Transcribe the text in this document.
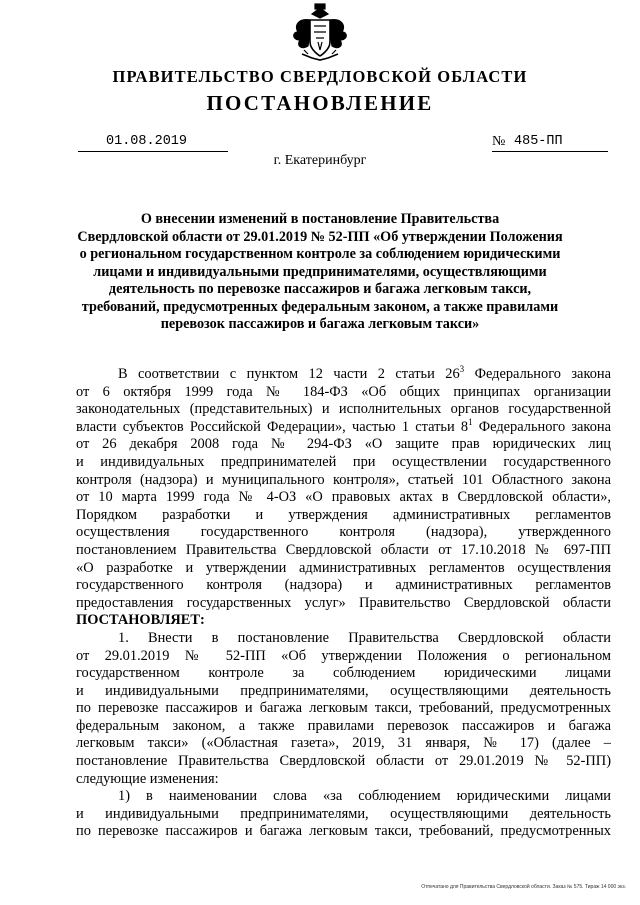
ПРАВИТЕЛЬСТВО СВЕРДЛОВСКОЙ ОБЛАСТИ
ПОСТАНОВЛЕНИЕ
01.08.2019	№ 485-ПП
г. Екатеринбург
О внесении изменений в постановление Правительства
Свердловской области от 29.01.2019 № 52-ПП «Об утверждении Положения
о региональном государственном контроле за соблюдением юридическими
лицами и индивидуальными предпринимателями, осуществляющими
деятельность по перевозке пассажиров и багажа легковым такси,
требований, предусмотренных федеральным законом, а также правилами
перевозок пассажиров и багажа легковым такси»
В соответствии с пунктом 12 части 2 статьи $26^3$ Федерального закона
от 6 октября 1999 года № 184-ФЗ «Об общих принципах организации
законодательных (представительных) и исполнительных органов государственной
власти субъектов Российской Федерации», частью 1 статьи $8^1$ Федерального закона
от 26 декабря 2008 года № 294-ФЗ «О защите прав юридических лиц
и индивидуальных предпринимателей при осуществлении государственного
контроля (надзора) и муниципального контроля», статьей 101 Областного закона
от 10 марта 1999 года № 4-ОЗ «О правовых актах в Свердловской области»,
Порядком разработки и утверждения административных регламентов
осуществления государственного контроля (надзора), утвержденного
постановлением Правительства Свердловской области от 17.10.2018 № 697-ПП
«О разработке и утверждении административных регламентов осуществления
государственного контроля (надзора) и административных регламентов
предоставления государственных услуг» Правительство Свердловской области
ПОСТАНОВЛЯЕТ:
1. Внести в постановление Правительства Свердловской области
от 29.01.2019 № 52-ПП «Об утверждении Положения о региональном
государственном контроле за соблюдением юридическими лицами
и индивидуальными предпринимателями, осуществляющими деятельность
по перевозке пассажиров и багажа легковым такси, требований, предусмотренных
федеральным законом, а также правилами перевозок пассажиров и багажа
легковым такси» («Областная газета», 2019, 31 января, № 17) (далее –
постановление Правительства Свердловской области от 29.01.2019 № 52-ПП)
следующие изменения:
1) в наименовании слова «за соблюдением юридическими лицами
и индивидуальными предпринимателями, осуществляющими деятельность
по перевозке пассажиров и багажа легковым такси, требований, предусмотренных
Отпечатано для Правительства Свердловской области. Заказ № 575. Тираж 14 000 экз.
